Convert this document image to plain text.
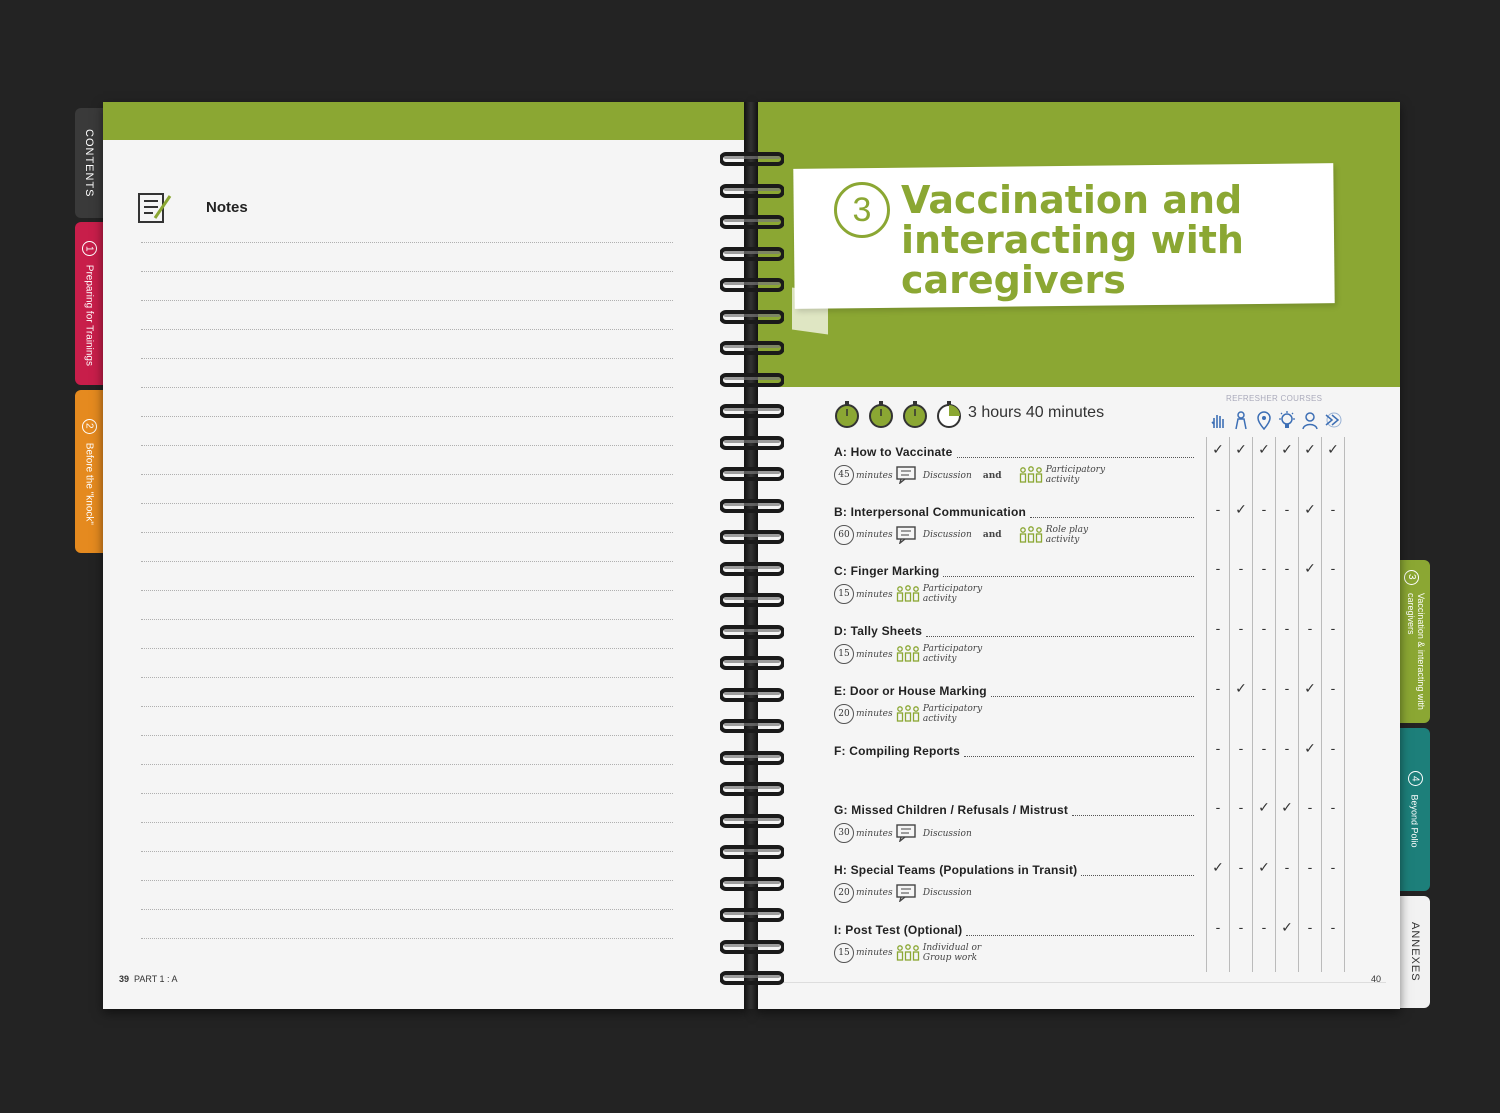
CONTENTS
1 Preparing for Trainings
2 Before the "knock"
3 Vaccination & interacting with caregivers
4 Beyond Polio
ANNEXES
Notes
39 PART 1 : A
3 Vaccination and
interacting with
caregivers
3 hours 40 minutes
REFRESHER COURSES
A: How to Vaccinate
45 minutes	Discussion and Participatory activity
✓ ✓ ✓ ✓ ✓ ✓
B: Interpersonal Communication
60 minutes	Discussion and Role play activity
-	✓	-	-	✓	-
C: Finger Marking
15 minutes Participatory activity
-	-	-	-	✓	-
D: Tally Sheets
15 minutes Participatory activity
-	-	-	-	-	-
E: Door or House Marking
20 minutes Participatory activity
-	✓	-	-	✓	-
F: Compiling Reports	-	-	-	-	✓	-
G: Missed Children / Refusals / Mistrust
30 minutes	Discussion
-	-	✓ ✓	-	-
H: Special Teams (Populations in Transit)
20 minutes	Discussion
✓	-	✓	-	-	-
I: Post Test (Optional)
15 minutes Individual or Group work
-	-	-	✓	-	-
40
